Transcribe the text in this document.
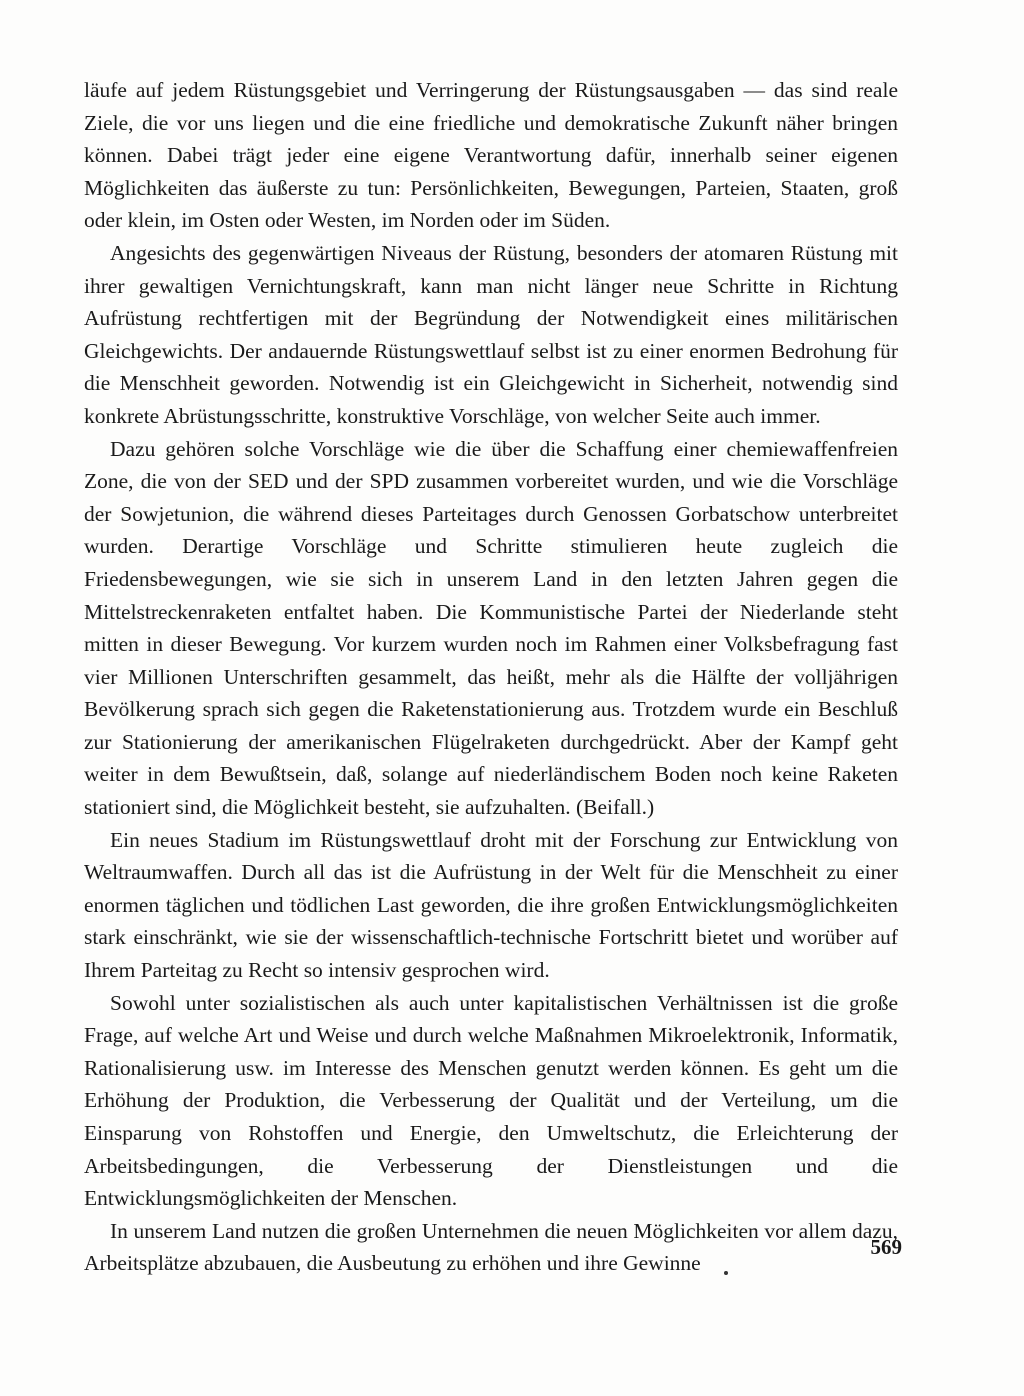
läufe auf jedem Rüstungsgebiet und Verringerung der Rüstungsausgaben — das sind reale Ziele, die vor uns liegen und die eine friedliche und demokratische Zukunft näher bringen können. Dabei trägt jeder eine eigene Verantwortung dafür, innerhalb seiner eigenen Möglichkeiten das äußerste zu tun: Persönlichkeiten, Bewegungen, Parteien, Staaten, groß oder klein, im Osten oder Westen, im Norden oder im Süden.

Angesichts des gegenwärtigen Niveaus der Rüstung, besonders der atomaren Rüstung mit ihrer gewaltigen Vernichtungskraft, kann man nicht länger neue Schritte in Richtung Aufrüstung rechtfertigen mit der Begründung der Notwendigkeit eines militärischen Gleichgewichts. Der andauernde Rüstungswettlauf selbst ist zu einer enormen Bedrohung für die Menschheit geworden. Notwendig ist ein Gleichgewicht in Sicherheit, notwendig sind konkrete Abrüstungsschritte, konstruktive Vorschläge, von welcher Seite auch immer.

Dazu gehören solche Vorschläge wie die über die Schaffung einer chemiewaffenfreien Zone, die von der SED und der SPD zusammen vorbereitet wurden, und wie die Vorschläge der Sowjetunion, die während dieses Parteitages durch Genossen Gorbatschow unterbreitet wurden. Derartige Vorschläge und Schritte stimulieren heute zugleich die Friedensbewegungen, wie sie sich in unserem Land in den letzten Jahren gegen die Mittelstreckenraketen entfaltet haben. Die Kommunistische Partei der Niederlande steht mitten in dieser Bewegung. Vor kurzem wurden noch im Rahmen einer Volksbefragung fast vier Millionen Unterschriften gesammelt, das heißt, mehr als die Hälfte der volljährigen Bevölkerung sprach sich gegen die Raketenstationierung aus. Trotzdem wurde ein Beschluß zur Stationierung der amerikanischen Flügelraketen durchgedrückt. Aber der Kampf geht weiter in dem Bewußtsein, daß, solange auf niederländischem Boden noch keine Raketen stationiert sind, die Möglichkeit besteht, sie aufzuhalten. (Beifall.)

Ein neues Stadium im Rüstungswettlauf droht mit der Forschung zur Entwicklung von Weltraumwaffen. Durch all das ist die Aufrüstung in der Welt für die Menschheit zu einer enormen täglichen und tödlichen Last geworden, die ihre großen Entwicklungsmöglichkeiten stark einschränkt, wie sie der wissenschaftlich-technische Fortschritt bietet und worüber auf Ihrem Parteitag zu Recht so intensiv gesprochen wird.

Sowohl unter sozialistischen als auch unter kapitalistischen Verhältnissen ist die große Frage, auf welche Art und Weise und durch welche Maßnahmen Mikroelektronik, Informatik, Rationalisierung usw. im Interesse des Menschen genutzt werden können. Es geht um die Erhöhung der Produktion, die Verbesserung der Qualität und der Verteilung, um die Einsparung von Rohstoffen und Energie, den Umweltschutz, die Erleichterung der Arbeitsbedingungen, die Verbesserung der Dienstleistungen und die Entwicklungsmöglichkeiten der Menschen.

In unserem Land nutzen die großen Unternehmen die neuen Möglichkeiten vor allem dazu, Arbeitsplätze abzubauen, die Ausbeutung zu erhöhen und ihre Gewinne

569
